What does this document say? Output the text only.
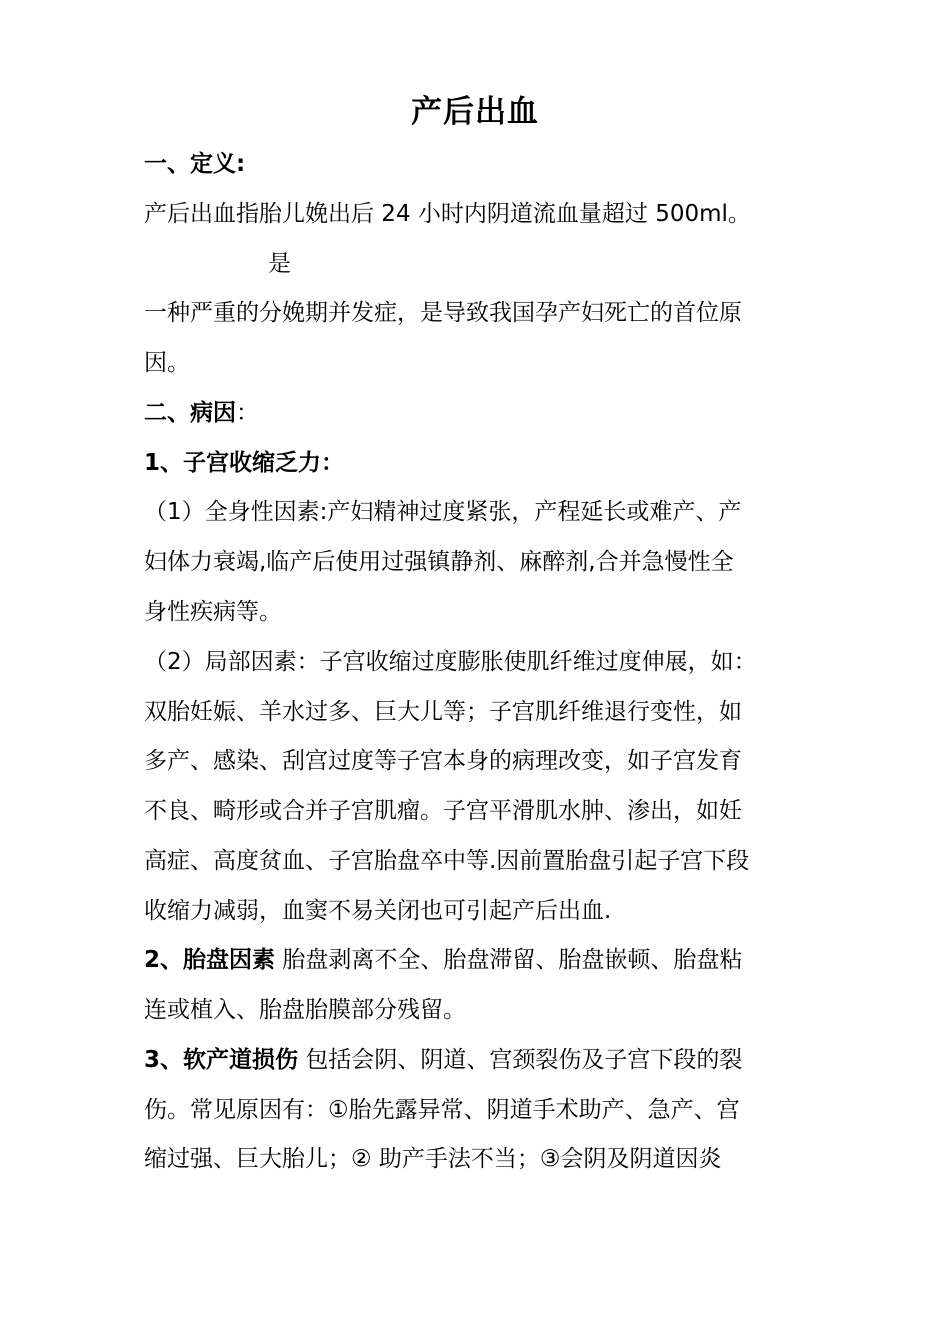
产后出血
一、定义:
产后出血指胎儿娩出后 24 小时内阴道流血量超过 500ml。
是
一种严重的分娩期并发症，是导致我国孕产妇死亡的首位原
因。
二、病因：
1、子宫收缩乏力：
（1）全身性因素:产妇精神过度紧张，产程延长或难产、产
妇体力衰竭,临产后使用过强镇静剂、麻醉剂,合并急慢性全
身性疾病等。
（2）局部因素：子宫收缩过度膨胀使肌纤维过度伸展，如：
双胎妊娠、羊水过多、巨大儿等；子宫肌纤维退行变性，如
多产、感染、刮宫过度等子宫本身的病理改变，如子宫发育
不良、畸形或合并子宫肌瘤。子宫平滑肌水肿、渗出，如妊
高症、高度贫血、子宫胎盘卒中等.因前置胎盘引起子宫下段
收缩力减弱，血窦不易关闭也可引起产后出血.
2、胎盘因素 胎盘剥离不全、胎盘滞留、胎盘嵌顿、胎盘粘
连或植入、胎盘胎膜部分残留。
3、软产道损伤 包括会阴、阴道、宫颈裂伤及子宫下段的裂
伤。常见原因有：①胎先露异常、阴道手术助产、急产、宫
缩过强、巨大胎儿；② 助产手法不当；③会阴及阴道因炎
